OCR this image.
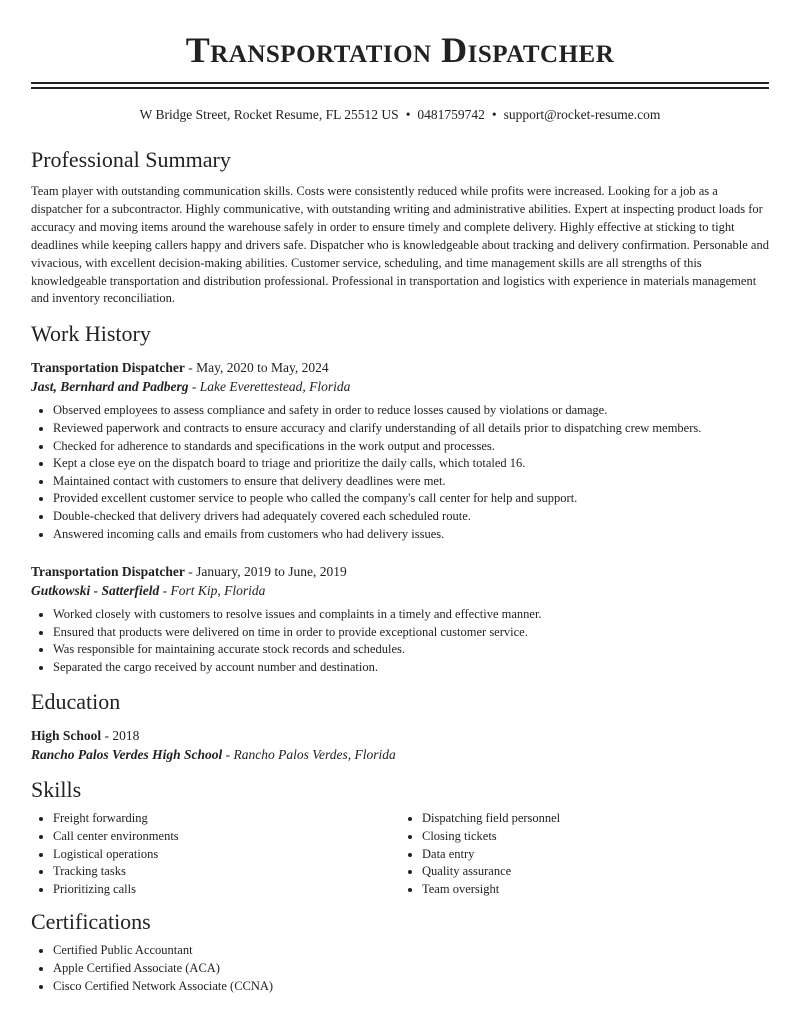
Transportation Dispatcher
W Bridge Street, Rocket Resume, FL 25512 US • 0481759742 • support@rocket-resume.com
Professional Summary
Team player with outstanding communication skills. Costs were consistently reduced while profits were increased. Looking for a job as a dispatcher for a subcontractor. Highly communicative, with outstanding writing and administrative abilities. Expert at inspecting product loads for accuracy and moving items around the warehouse safely in order to ensure timely and complete delivery. Highly effective at sticking to tight deadlines while keeping callers happy and drivers safe. Dispatcher who is knowledgeable about tracking and delivery confirmation. Personable and vivacious, with excellent decision-making abilities. Customer service, scheduling, and time management skills are all strengths of this knowledgeable transportation and distribution professional. Professional in transportation and logistics with experience in materials management and inventory reconciliation.
Work History
Transportation Dispatcher - May, 2020 to May, 2024
Jast, Bernhard and Padberg - Lake Everettestead, Florida
• Observed employees to assess compliance and safety in order to reduce losses caused by violations or damage.
• Reviewed paperwork and contracts to ensure accuracy and clarify understanding of all details prior to dispatching crew members.
• Checked for adherence to standards and specifications in the work output and processes.
• Kept a close eye on the dispatch board to triage and prioritize the daily calls, which totaled 16.
• Maintained contact with customers to ensure that delivery deadlines were met.
• Provided excellent customer service to people who called the company's call center for help and support.
• Double-checked that delivery drivers had adequately covered each scheduled route.
• Answered incoming calls and emails from customers who had delivery issues.
Transportation Dispatcher - January, 2019 to June, 2019
Gutkowski - Satterfield - Fort Kip, Florida
• Worked closely with customers to resolve issues and complaints in a timely and effective manner.
• Ensured that products were delivered on time in order to provide exceptional customer service.
• Was responsible for maintaining accurate stock records and schedules.
• Separated the cargo received by account number and destination.
Education
High School - 2018
Rancho Palos Verdes High School - Rancho Palos Verdes, Florida
Skills
• Freight forwarding
• Call center environments
• Logistical operations
• Tracking tasks
• Prioritizing calls
• Dispatching field personnel
• Closing tickets
• Data entry
• Quality assurance
• Team oversight
Certifications
• Certified Public Accountant
• Apple Certified Associate (ACA)
• Cisco Certified Network Associate (CCNA)
